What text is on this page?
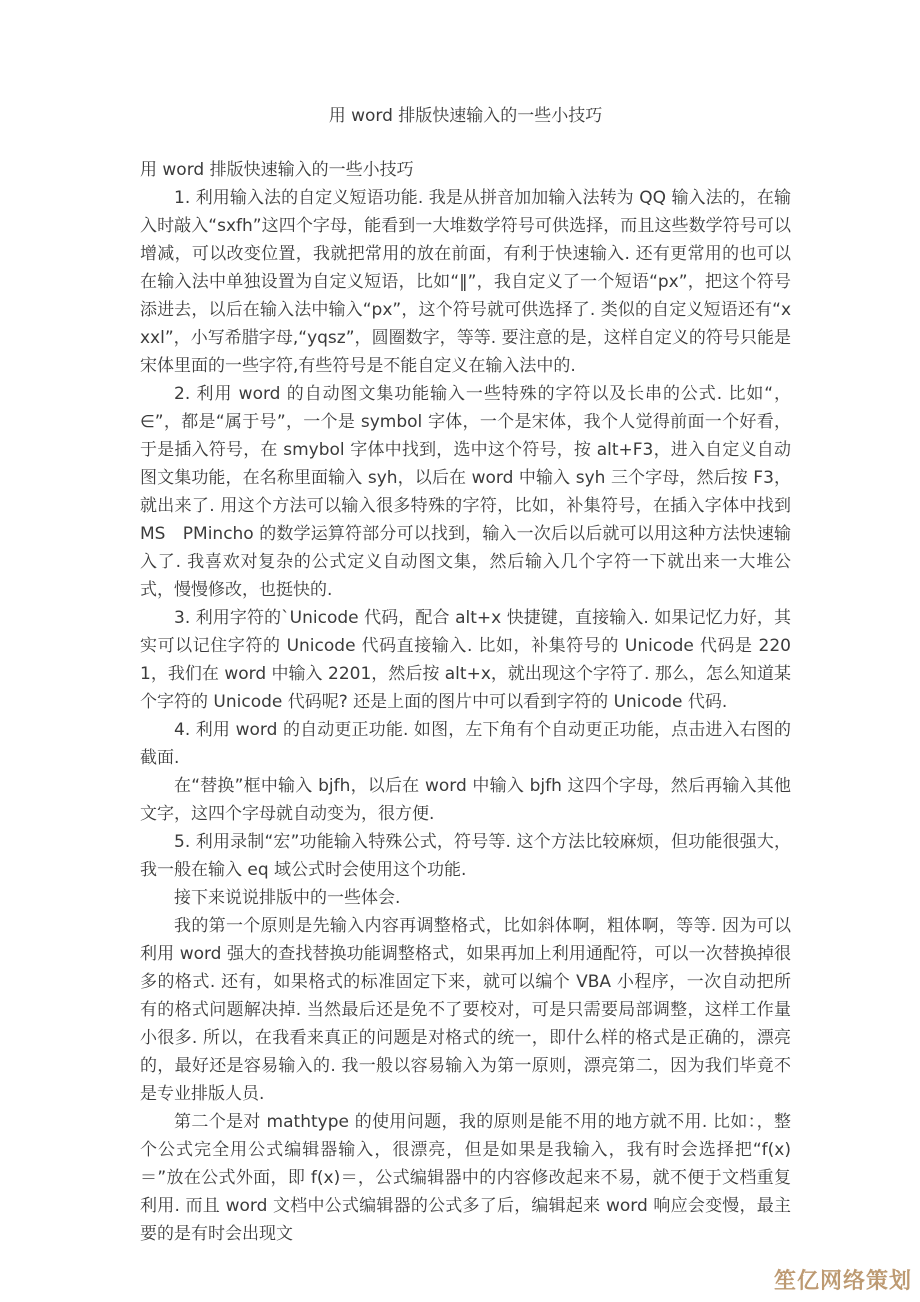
用 word 排版快速输入的一些小技巧

用 word 排版快速输入的一些小技巧

1. 利用输入法的自定义短语功能. 我是从拼音加加输入法转为 QQ 输入法的，在输入时敲入“sxfh”这四个字母，能看到一大堆数学符号可供选择，而且这些数学符号可以增减，可以改变位置，我就把常用的放在前面，有利于快速输入. 还有更常用的也可以在输入法中单独设置为自定义短语，比如“‖”，我自定义了一个短语“px”，把这个符号添进去，以后在输入法中输入“px”，这个符号就可供选择了. 类似的自定义短语还有“xxxl”，小写希腊字母,“yqsz”，圆圈数字，等等. 要注意的是，这样自定义的符号只能是宋体里面的一些字符,有些符号是不能自定义在输入法中的.

2. 利用 word 的自动图文集功能输入一些特殊的字符以及长串的公式. 比如“，∈”，都是“属于号”，一个是 symbol 字体，一个是宋体，我个人觉得前面一个好看，于是插入符号，在 smybol 字体中找到，选中这个符号，按 alt+F3，进入自定义自动图文集功能，在名称里面输入 syh，以后在 word 中输入 syh 三个字母，然后按 F3，就出来了. 用这个方法可以输入很多特殊的字符，比如，补集符号，在插入字体中找到 MS　PMincho 的数学运算符部分可以找到，输入一次后以后就可以用这种方法快速输入了. 我喜欢对复杂的公式定义自动图文集，然后输入几个字符一下就出来一大堆公式，慢慢修改，也挺快的.

3. 利用字符的`Unicode 代码，配合 alt+x 快捷键，直接输入. 如果记忆力好，其实可以记住字符的 Unicode 代码直接输入. 比如，补集符号的 Unicode 代码是 2201，我们在 word 中输入 2201，然后按 alt+x，就出现这个字符了. 那么，怎么知道某个字符的 Unicode 代码呢? 还是上面的图片中可以看到字符的 Unicode 代码.

4. 利用 word 的自动更正功能. 如图，左下角有个自动更正功能，点击进入右图的截面.

在“替换”框中输入 bjfh，以后在 word 中输入 bjfh 这四个字母，然后再输入其他文字，这四个字母就自动变为，很方便.

5. 利用录制“宏”功能输入特殊公式，符号等. 这个方法比较麻烦，但功能很强大，我一般在输入 eq 域公式时会使用这个功能.

接下来说说排版中的一些体会.

我的第一个原则是先输入内容再调整格式，比如斜体啊，粗体啊，等等. 因为可以利用 word 强大的查找替换功能调整格式，如果再加上利用通配符，可以一次替换掉很多的格式. 还有，如果格式的标准固定下来，就可以编个 VBA 小程序，一次自动把所有的格式问题解决掉. 当然最后还是免不了要校对，可是只需要局部调整，这样工作量小很多. 所以，在我看来真正的问题是对格式的统一，即什么样的格式是正确的，漂亮的，最好还是容易输入的. 我一般以容易输入为第一原则，漂亮第二，因为我们毕竟不是专业排版人员.

第二个是对 mathtype 的使用问题，我的原则是能不用的地方就不用. 比如：，整个公式完全用公式编辑器输入，很漂亮，但是如果是我输入，我有时会选择把“f(x)＝”放在公式外面，即 f(x)＝，公式编辑器中的内容修改起来不易，就不便于文档重复利用. 而且 word 文档中公式编辑器的公式多了后，编辑起来 word 响应会变慢，最主要的是有时会出现文

笙亿网络策划
